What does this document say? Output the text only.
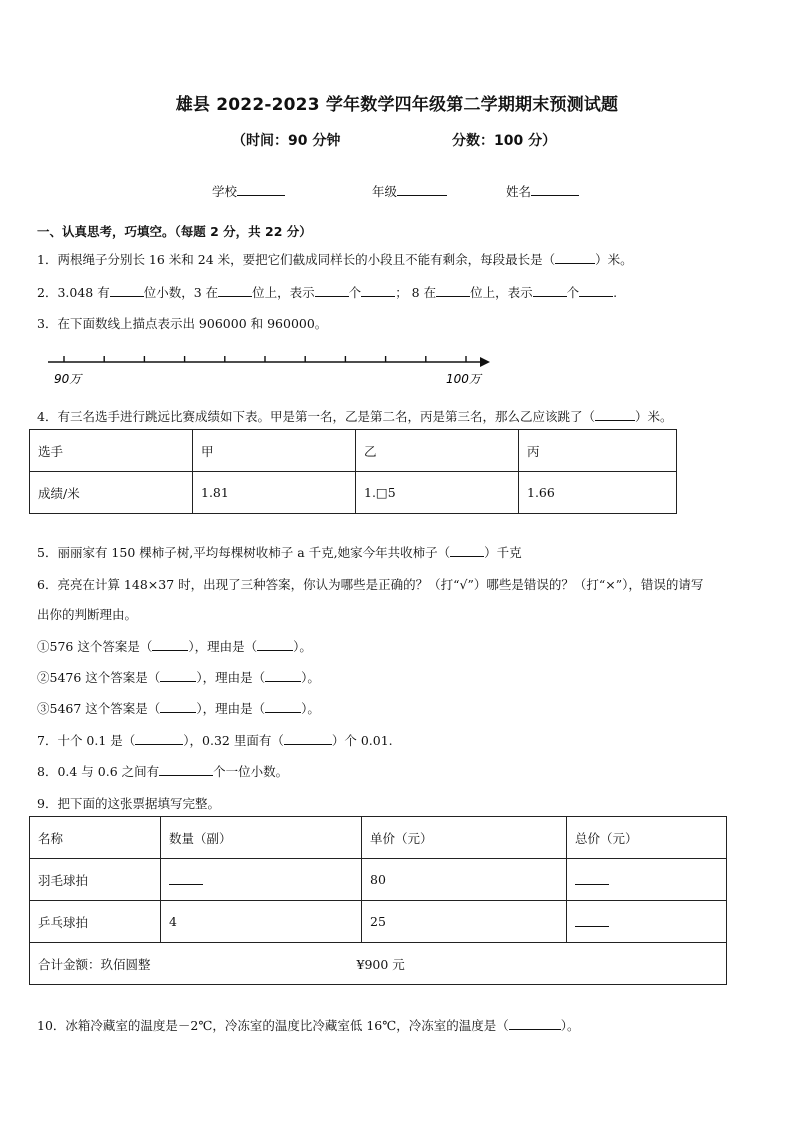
雄县 2022-2023 学年数学四年级第二学期期末预测试题
（时间：90 分钟	分数：100 分）
学校	年级	姓名
一、认真思考，巧填空。（每题 2 分，共 22 分）
1．两根绳子分别长 16 米和 24 米，要把它们截成同样长的小段且不能有剩余，每段最长是（	）米。
2．3.048 有	位小数，3 在	位上，表示	个	； 8 在	位上，表示	个	.
3．在下面数线上描点表示出 906000 和 960000。
90万	100万
4．有三名选手进行跳远比赛成绩如下表。甲是第一名，乙是第二名，丙是第三名，那么乙应该跳了（	）米。
选手	甲	乙	丙
成绩/米	1.81	1.□5	1.66
5．丽丽家有 150 棵柿子树,平均每棵树收柿子 a 千克,她家今年共收柿子（	）千克
6．亮亮在计算 148×37 时，出现了三种答案，你认为哪些是正确的？（打“√”）哪些是错误的？（打“×”），错误的请写
出你的判断理由。
①576 这个答案是（	），理由是（	）。
②5476 这个答案是（	），理由是（	）。
③5467 这个答案是（	），理由是（	）。
7．十个 0.1 是（	），0.32 里面有（	）个 0.01.
8．0.4 与 0.6 之间有	个一位小数。
9．把下面的这张票据填写完整。
名称	数量（副）	单价（元）	总价（元）
羽毛球拍		80	
乒乓球拍	4	25	
合计金额：玖佰圆整 ¥900 元			
10．冰箱冷藏室的温度是－2℃，冷冻室的温度比冷藏室低 16℃，冷冻室的温度是（	）。
